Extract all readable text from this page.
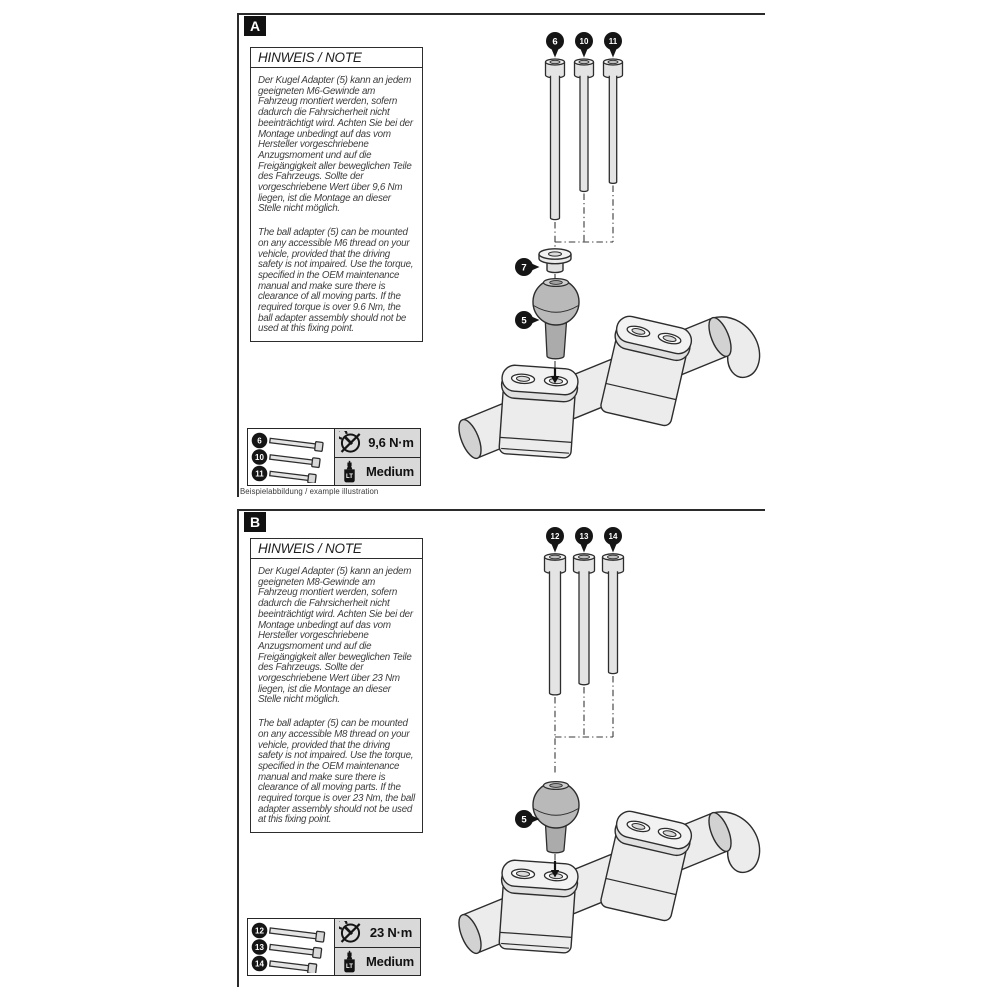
A
HINWEIS / NOTE
Der Kugel Adapter (5) kann an jedem geeigneten M6-Gewinde am Fahrzeug montiert werden, sofern dadurch die Fahrsicherheit nicht beeinträchtigt wird. Achten Sie bei der Montage unbedingt auf das vom Hersteller vorgeschriebene Anzugsmoment und auf die Freigängigkeit aller beweglichen Teile des Fahrzeugs. Sollte der vorgeschriebene Wert über 9,6 Nm liegen, ist die Montage an dieser Stelle nicht möglich.
The ball adapter (5) can be mounted on any accessible M6 thread on your vehicle, provided that the driving safety is not impaired. Use the torque, specified in the OEM maintenance manual and make sure there is clearance of all moving parts. If the required torque is over 9.6 Nm, the ball adapter assembly should not be used at this fixing point.
6	10	11
7
5
6
10
11
9,6 N·m
LT	Medium
Beispielabbildung / example illustration
B
HINWEIS / NOTE
Der Kugel Adapter (5) kann an jedem geeigneten M8-Gewinde am Fahrzeug montiert werden, sofern dadurch die Fahrsicherheit nicht beeinträchtigt wird. Achten Sie bei der Montage unbedingt auf das vom Hersteller vorgeschriebene Anzugsmoment und auf die Freigängigkeit aller beweglichen Teile des Fahrzeugs. Sollte der vorgeschriebene Wert über 23 Nm liegen, ist die Montage an dieser Stelle nicht möglich.
The ball adapter (5) can be mounted on any accessible M8 thread on your vehicle, provided that the driving safety is not impaired. Use the torque, specified in the OEM maintenance manual and make sure there is clearance of all moving parts. If the required torque is over 23 Nm, the ball adapter assembly should not be used at this fixing point.
12	13	14
5
12
13
14
23 N·m
LT	Medium
